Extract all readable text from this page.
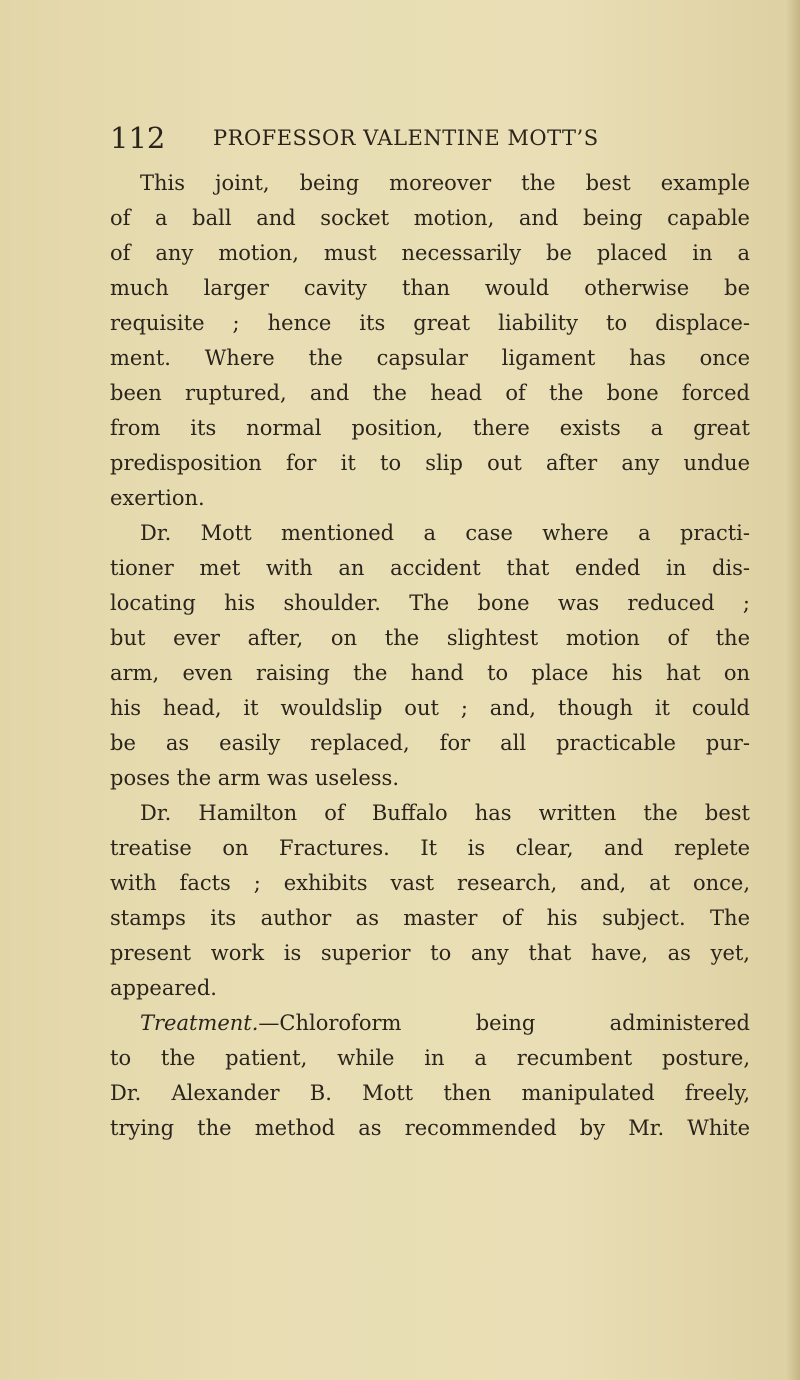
112 PROFESSOR VALENTINE MOTT’S
This joint, being moreover the best example
of a ball and socket motion, and being capable
of any motion, must necessarily be placed in a
much larger cavity than would otherwise be
requisite ; hence its great liability to displace-
ment. Where the capsular ligament has once
been ruptured, and the head of the bone forced
from its normal position, there exists a great
predisposition for it to slip out after any undue
exertion.
Dr. Mott mentioned a case where a practi-
tioner met with an accident that ended in dis-
locating his shoulder. The bone was reduced ;
but ever after, on the slightest motion of the
arm, even raising the hand to place his hat on
his head, it wouldslip out ; and, though it could
be as easily replaced, for all practicable pur-
poses the arm was useless.
Dr. Hamilton of Buffalo has written the best
treatise on Fractures. It is clear, and replete
with facts ; exhibits vast research, and, at once,
stamps its author as master of his subject. The
present work is superior to any that have, as yet,
appeared.
Treatment.—Chloroform being administered
to the patient, while in a recumbent posture,
Dr. Alexander B. Mott then manipulated freely,
trying the method as recommended by Mr. White
